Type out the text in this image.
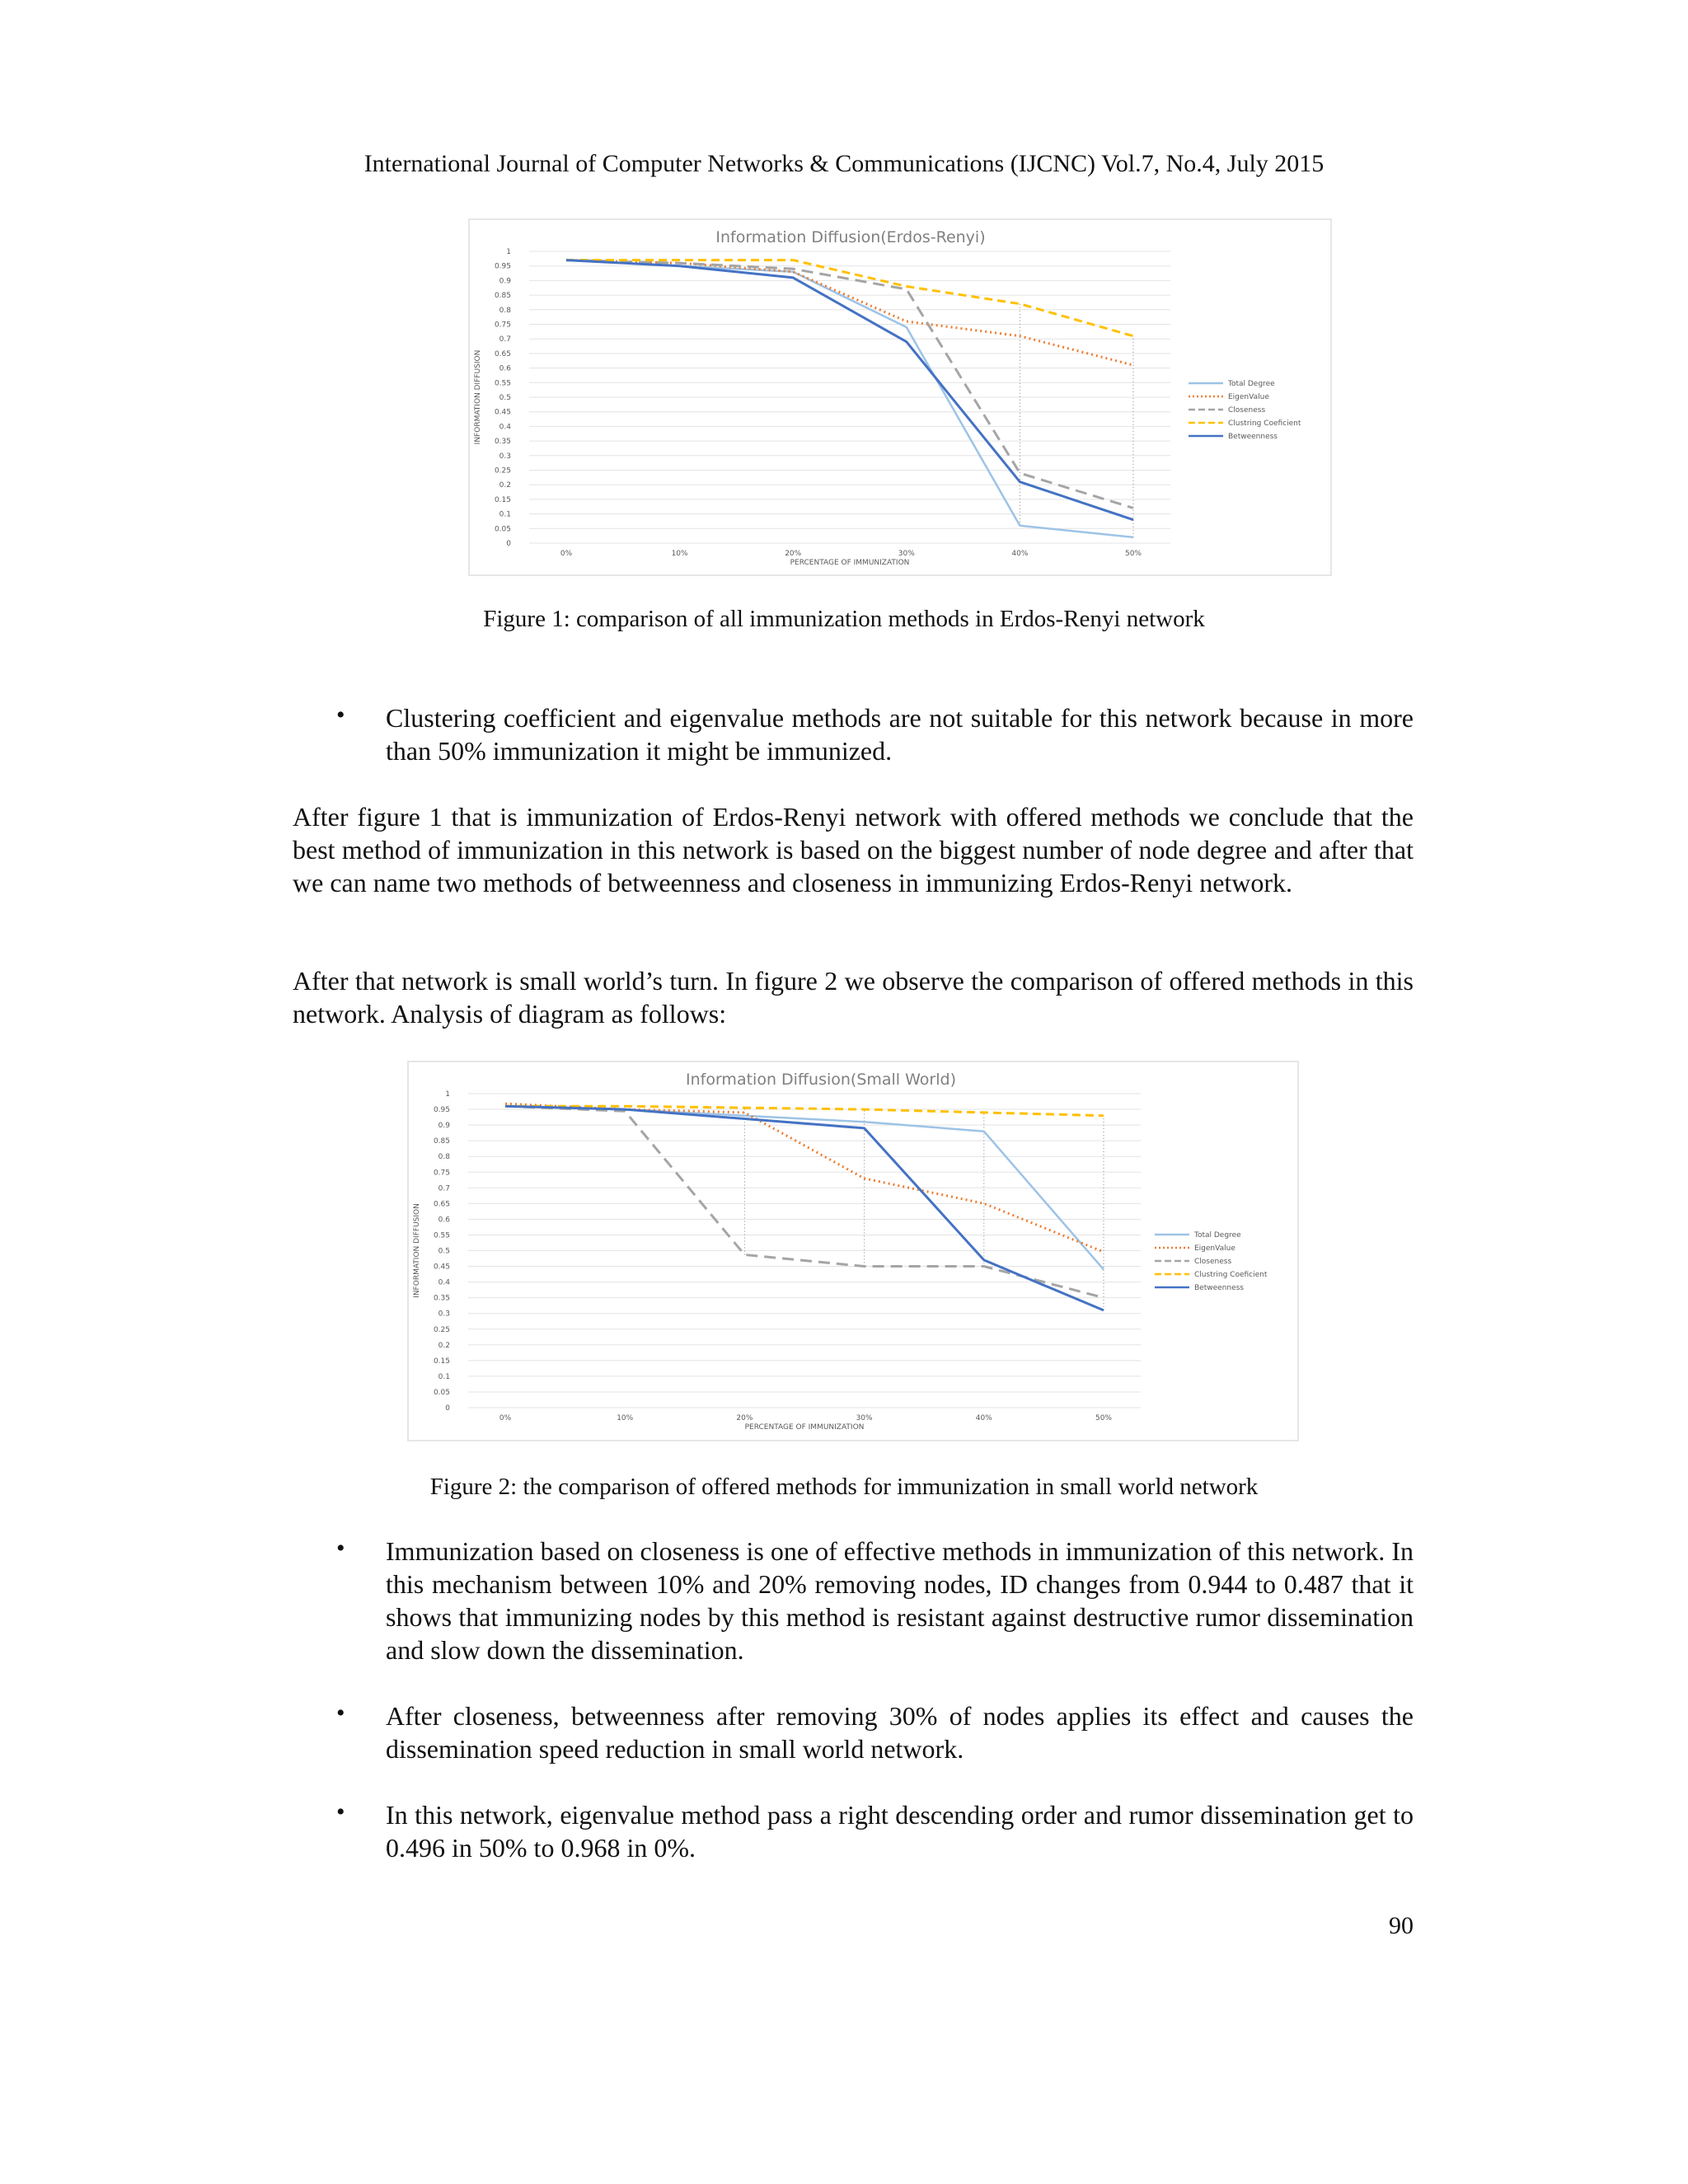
International Journal of Computer Networks & Communications (IJCNC) Vol.7, No.4, July 2015
Information Diffusion(Erdos-Renyi)
0
0.05
0.1
0.15
0.2
0.25
0.3
0.35
0.4
0.45
0.5
0.55
0.6
0.65
0.7
0.75
0.8
0.85
0.9
0.95
1
0%	10%	20%	30%	40%	50%
PERCENTAGE OF IMMUNIZATION
INFORMATION DIFFUSION	Total Degree
EigenValue
Closeness
Clustring Coeficient
Betweenness
Figure 1: comparison of all immunization methods in Erdos-Renyi network
• Clustering coefficient and eigenvalue methods are not suitable for this network because in more than 50% immunization it might be immunized.
After figure 1 that is immunization of Erdos-Renyi network with offered methods we conclude that the best method of immunization in this network is based on the biggest number of node degree and after that we can name two methods of betweenness and closeness in immunizing Erdos-Renyi network.
After that network is small world’s turn. In figure 2 we observe the comparison of offered methods in this network. Analysis of diagram as follows:
Information Diffusion(Small World)
0
0.05
0.1
0.15
0.2
0.25
0.3
0.35
0.4
0.45
0.5
0.55
0.6
0.65
0.7
0.75
0.8
0.85
0.9
0.95
1
0%	10%	20%	30%	40%	50%
PERCENTAGE OF IMMUNIZATION
INFORMATION DIFFUSION	Total Degree
EigenValue
Closeness
Clustring Coeficient
Betweenness
Figure 2: the comparison of offered methods for immunization in small world network
• Immunization based on closeness is one of effective methods in immunization of this network. In this mechanism between 10% and 20% removing nodes, ID changes from 0.944 to 0.487 that it shows that immunizing nodes by this method is resistant against destructive rumor dissemination and slow down the dissemination.
• After closeness, betweenness after removing 30% of nodes applies its effect and causes the dissemination speed reduction in small world network.
• In this network, eigenvalue method pass a right descending order and rumor dissemination get to 0.496 in 50% to 0.968 in 0%.
90
